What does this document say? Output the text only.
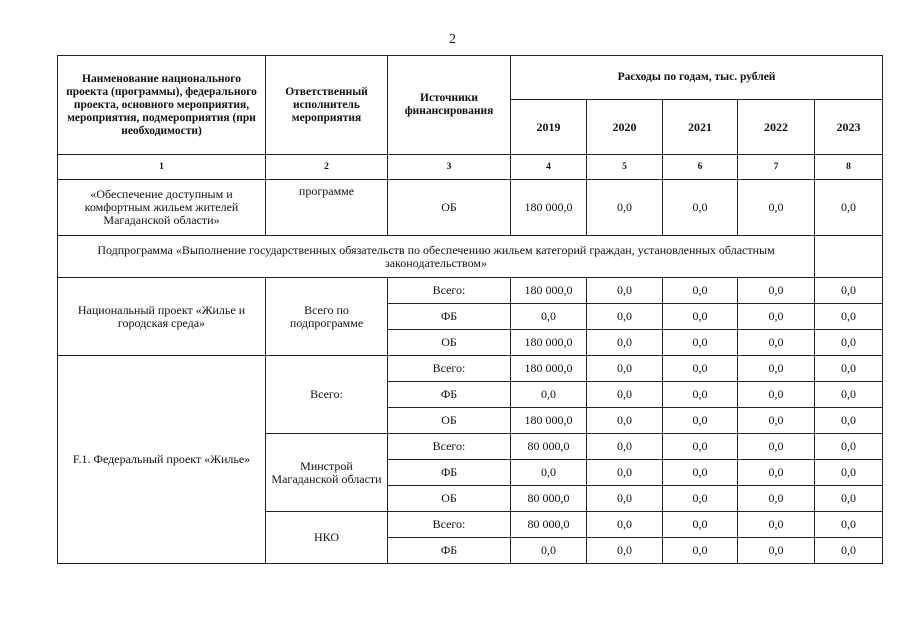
2
Наименование национального проекта (программы), федерального проекта, основного мероприятия, мероприятия, подмероприятия (при необходимости)	Ответственный исполнитель мероприятия	Источники финансирования	Расходы по годам, тыс. рублей				
			2019	2020	2021	2022	2023
1	2	3	4	5	6	7	8
«Обеспечение доступным и комфортным жильем жителей Магаданской области»	программе	ОБ	180 000,0	0,0	0,0	0,0	0,0
Подпрограмма «Выполнение государственных обязательств по обеспечению жильем категорий граждан, установленных областным законодательством»							
Национальный проект «Жилье и городская среда»	Всего по подпрограмме	Всего:	180 000,0	0,0	0,0	0,0	0,0
		ФБ	0,0	0,0	0,0	0,0	0,0
		ОБ	180 000,0	0,0	0,0	0,0	0,0
F.1. Федеральный проект «Жилье»	Всего:	Всего:	180 000,0	0,0	0,0	0,0	0,0
		ФБ	0,0	0,0	0,0	0,0	0,0
		ОБ	180 000,0	0,0	0,0	0,0	0,0
	Минстрой Магаданской области	Всего:	80 000,0	0,0	0,0	0,0	0,0
		ФБ	0,0	0,0	0,0	0,0	0,0
		ОБ	80 000,0	0,0	0,0	0,0	0,0
	НКО	Всего:	80 000,0	0,0	0,0	0,0	0,0
		ФБ	0,0	0,0	0,0	0,0	0,0
